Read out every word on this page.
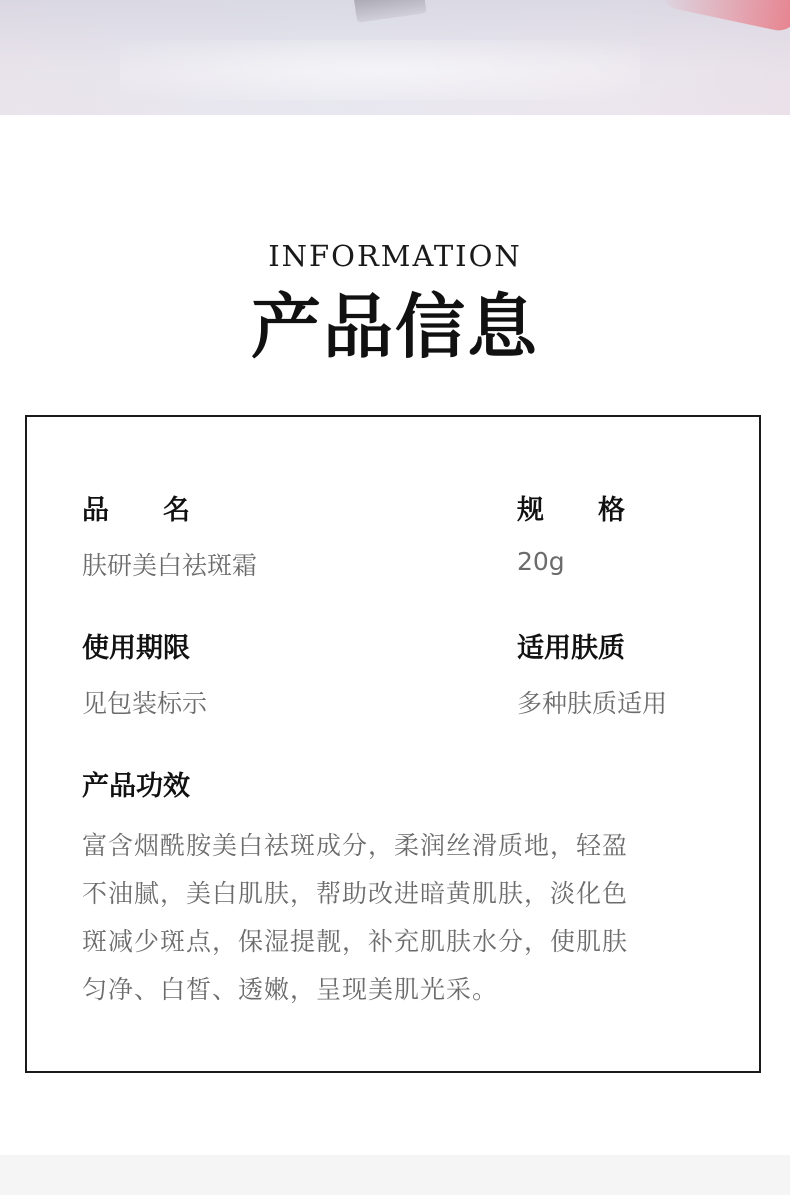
INFORMATION
产品信息
品　　名
肤研美白祛斑霜
规　　格
20g
使用期限
见包装标示
适用肤质
多种肤质适用
产品功效
富含烟酰胺美白祛斑成分，柔润丝滑质地，轻盈
不油腻，美白肌肤，帮助改进暗黄肌肤，淡化色
斑减少斑点，保湿提靓，补充肌肤水分，使肌肤
匀净、白皙、透嫩，呈现美肌光采。
